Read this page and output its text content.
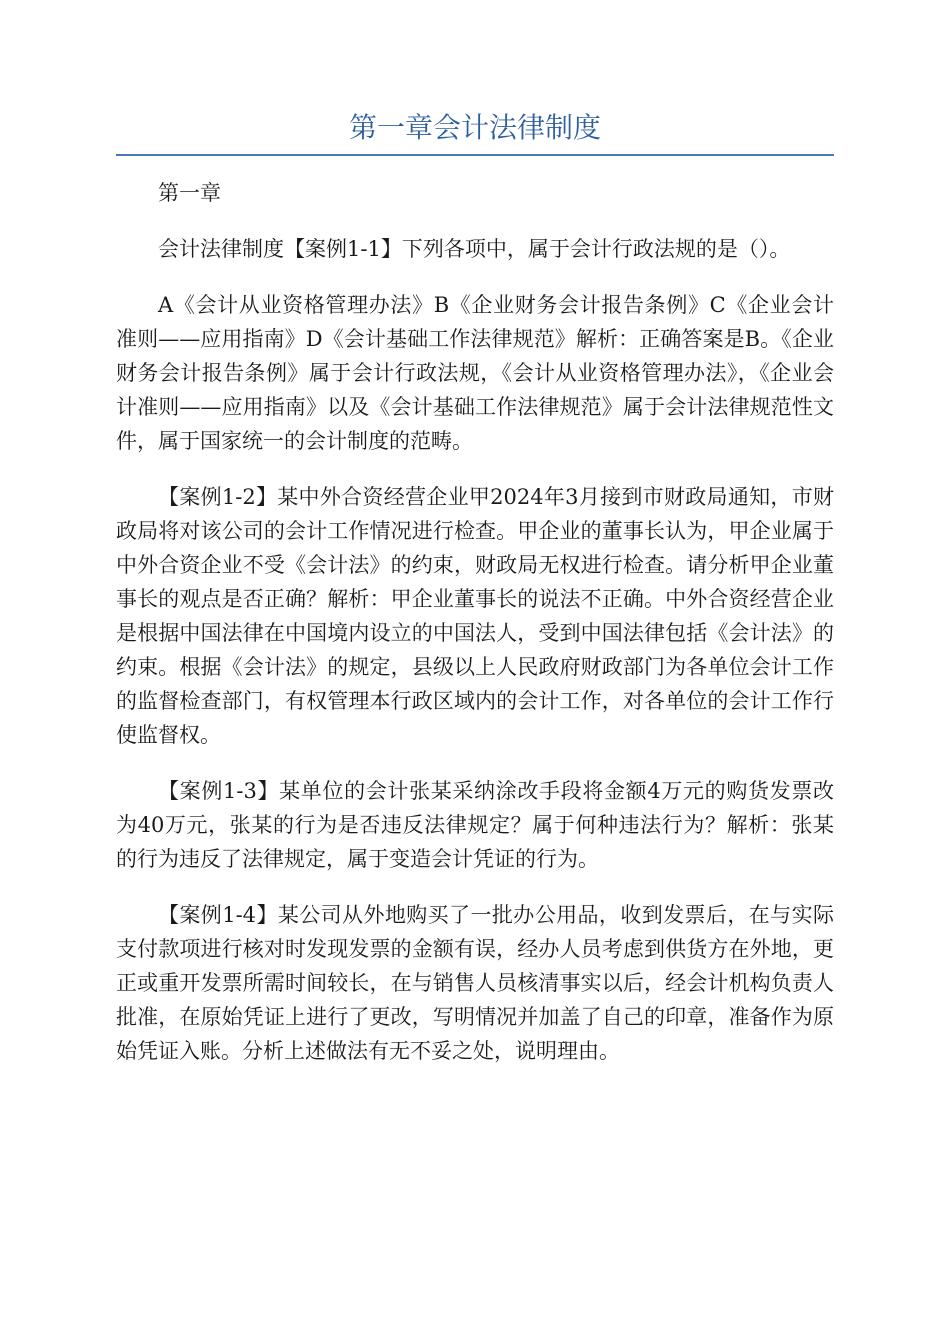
第一章会计法律制度

第一章

会计法律制度【案例1-1】下列各项中，属于会计行政法规的是（）。

A《会计从业资格管理办法》B《企业财务会计报告条例》C《企业会计准则——应用指南》D《会计基础工作法律规范》解析：正确答案是B。《企业财务会计报告条例》属于会计行政法规，《会计从业资格管理办法》，《企业会计准则——应用指南》以及《会计基础工作法律规范》属于会计法律规范性文件，属于国家统一的会计制度的范畴。

【案例1-2】某中外合资经营企业甲2024年3月接到市财政局通知，市财政局将对该公司的会计工作情况进行检查。甲企业的董事长认为，甲企业属于中外合资企业不受《会计法》的约束，财政局无权进行检查。请分析甲企业董事长的观点是否正确？解析：甲企业董事长的说法不正确。中外合资经营企业是根据中国法律在中国境内设立的中国法人，受到中国法律包括《会计法》的约束。根据《会计法》的规定，县级以上人民政府财政部门为各单位会计工作的监督检查部门，有权管理本行政区域内的会计工作，对各单位的会计工作行使监督权。

【案例1-3】某单位的会计张某采纳涂改手段将金额4万元的购货发票改为40万元，张某的行为是否违反法律规定？属于何种违法行为？解析：张某的行为违反了法律规定，属于变造会计凭证的行为。

【案例1-4】某公司从外地购买了一批办公用品，收到发票后，在与实际支付款项进行核对时发现发票的金额有误，经办人员考虑到供货方在外地，更正或重开发票所需时间较长，在与销售人员核清事实以后，经会计机构负责人批准，在原始凭证上进行了更改，写明情况并加盖了自己的印章，准备作为原始凭证入账。分析上述做法有无不妥之处，说明理由。
